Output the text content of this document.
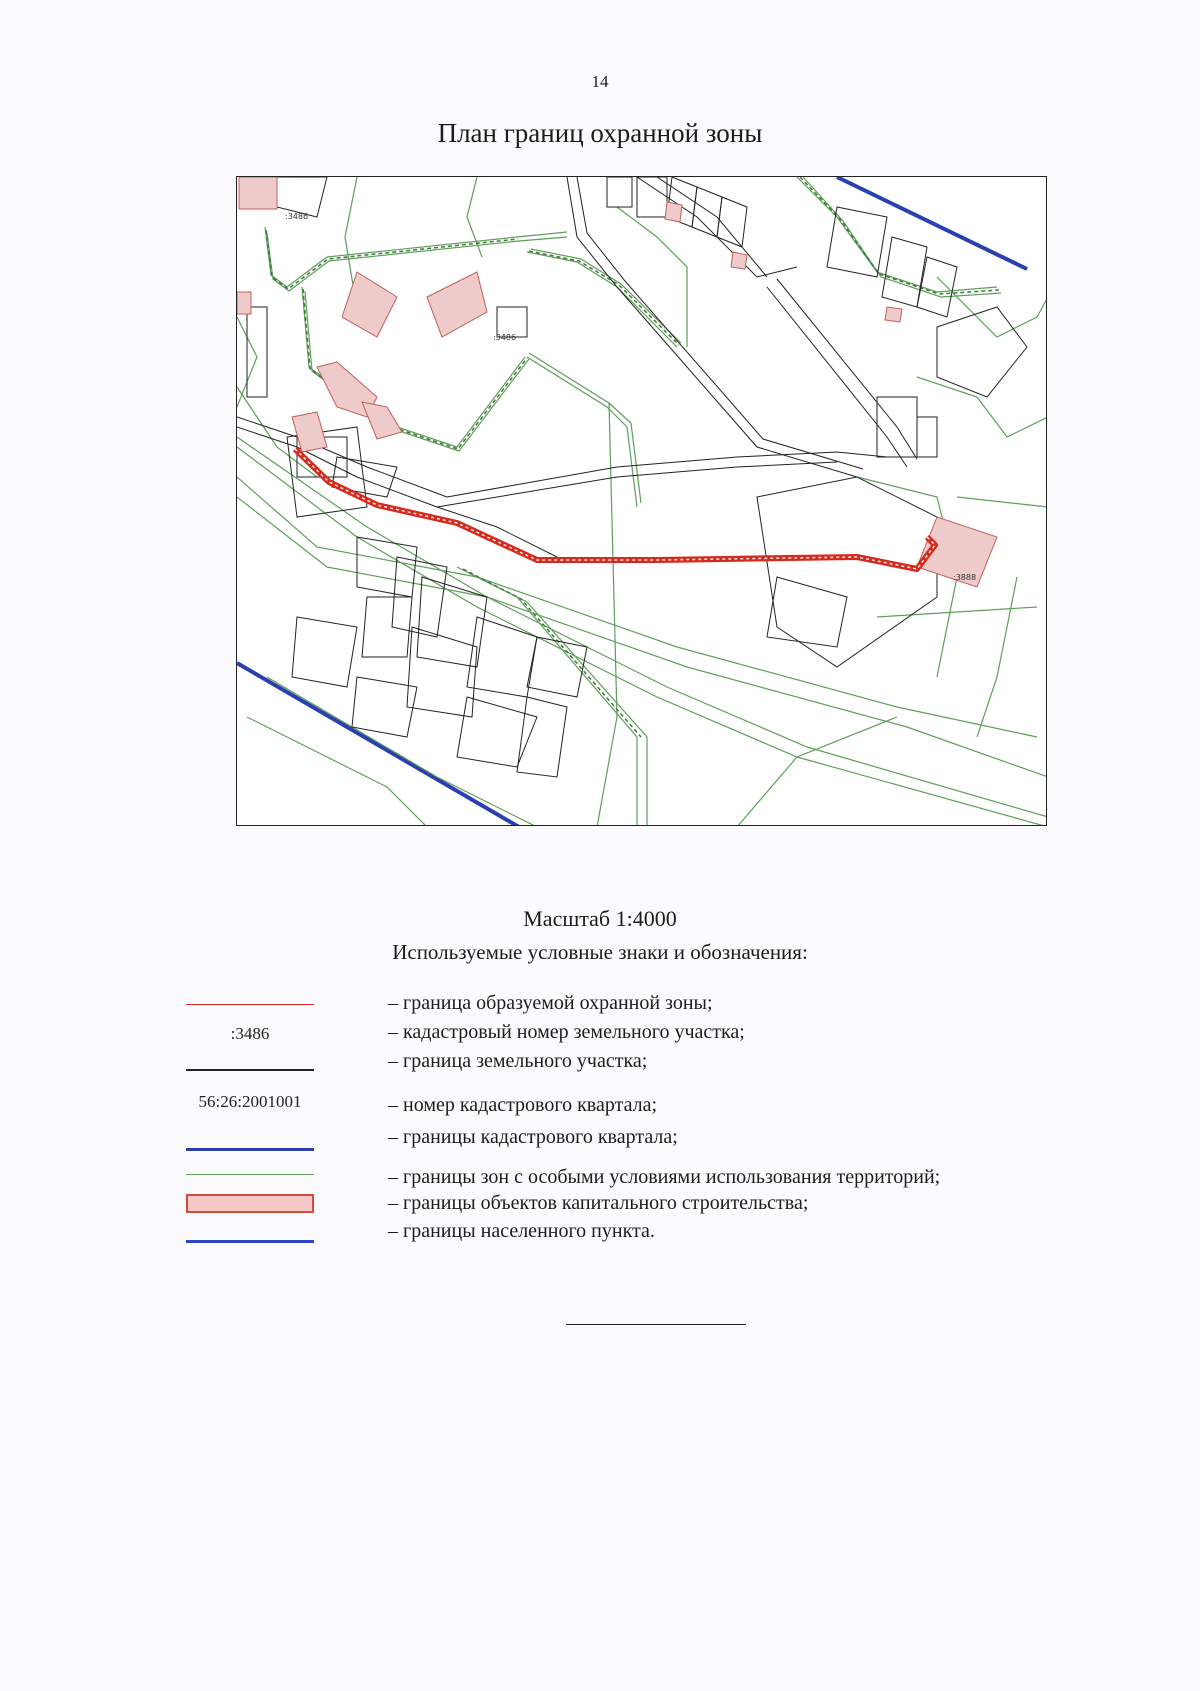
14
План границ охранной зоны
:3486
:3486
:3888
Масштаб 1:4000
Используемые условные знаки и обозначения:
– граница образуемой охранной зоны;
:3486	– кадастровый номер земельного участка;
– граница земельного участка;
56:26:2001001	– номер кадастрового квартала;
– границы кадастрового квартала;
– границы зон с особыми условиями использования территорий;
– границы объектов капитального строительства;
– границы населенного пункта.
